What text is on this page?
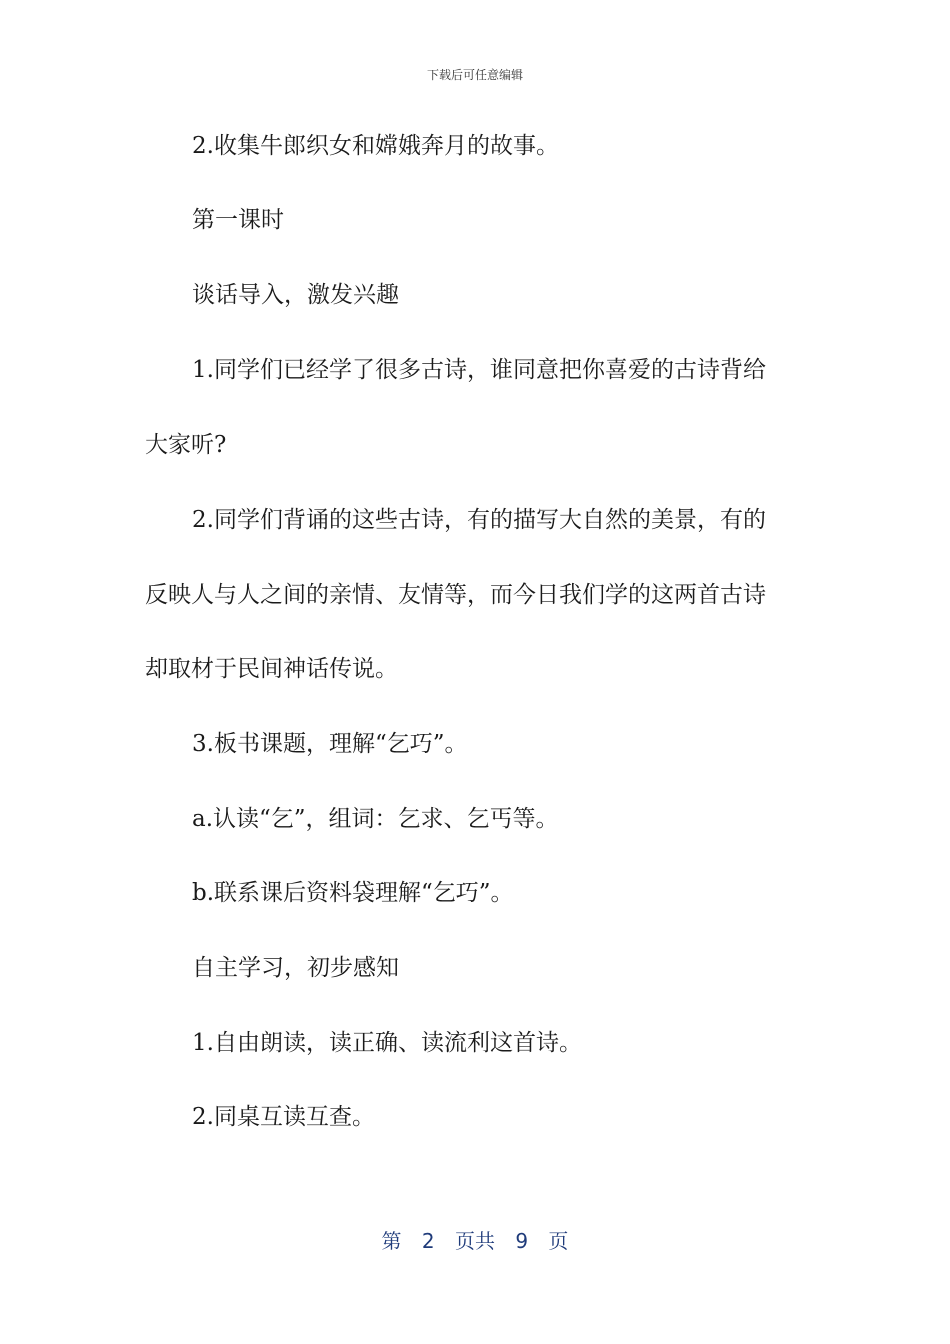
下载后可任意编辑
2.收集牛郎织女和嫦娥奔月的故事。
第一课时
谈话导入，激发兴趣
1.同学们已经学了很多古诗，谁同意把你喜爱的古诗背给
大家听?
2.同学们背诵的这些古诗，有的描写大自然的美景，有的
反映人与人之间的亲情、友情等，而今日我们学的这两首古诗
却取材于民间神话传说。
3.板书课题，理解“乞巧”。
a.认读“乞”，组词：乞求、乞丐等。
b.联系课后资料袋理解“乞巧”。
自主学习，初步感知
1.自由朗读，读正确、读流利这首诗。
2.同桌互读互查。
第 2 页共 9 页
